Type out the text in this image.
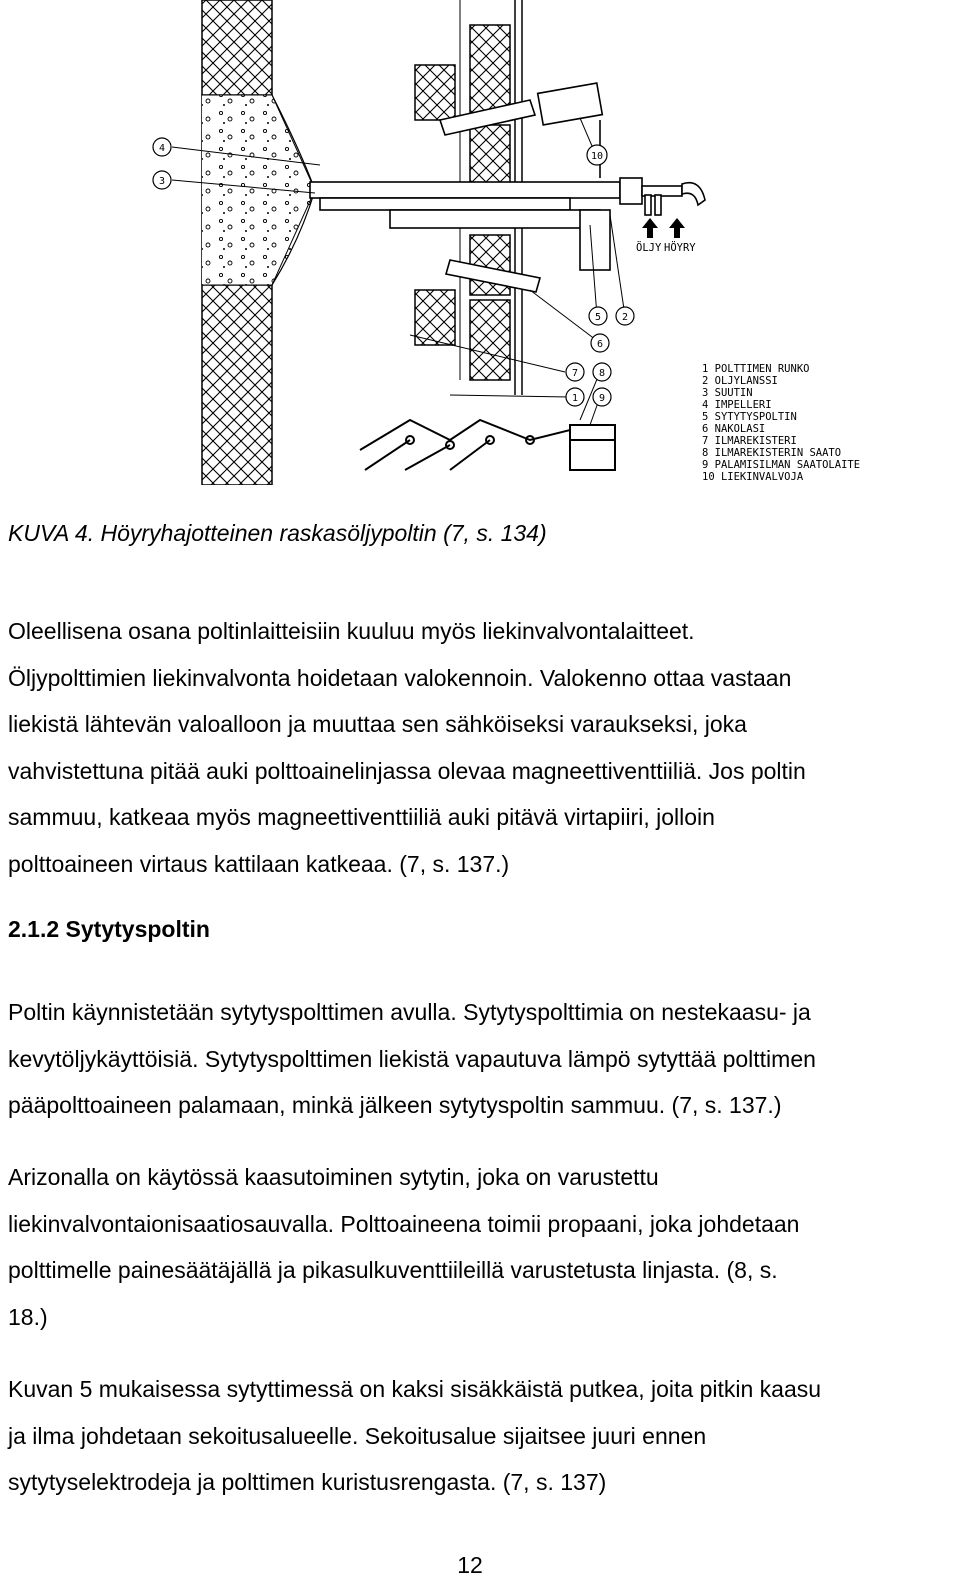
4
3
10
5 2
6
7 8
1 9
ÖLJY HÖYRY
1 POLTTIMEN RUNKO
2 OLJYLANSSI
3 SUUTIN
4 IMPELLERI
5 SYTYTYSPOLTIN
6 NAKOLASI
7 ILMAREKISTERI
8 ILMAREKISTERIN SAATO
9 PALAMISILMAN SAATOLAITE
10 LIEKINVALVOJA
KUVA 4. Höyryhajotteinen raskasöljypoltin (7, s. 134)
Oleellisena osana poltinlaitteisiin kuuluu myös liekinvalvontalaitteet.
Öljypolttimien liekinvalvonta hoidetaan valokennoin. Valokenno ottaa vastaan
liekistä lähtevän valoalloon ja muuttaa sen sähköiseksi varaukseksi, joka
vahvistettuna pitää auki polttoainelinjassa olevaa magneettiventtiiliä. Jos poltin
sammuu, katkeaa myös magneettiventtiiliä auki pitävä virtapiiri, jolloin
polttoaineen virtaus kattilaan katkeaa. (7, s. 137.)
2.1.2 Sytytyspoltin
Poltin käynnistetään sytytyspolttimen avulla. Sytytyspolttimia on nestekaasu- ja
kevytöljykäyttöisiä. Sytytyspolttimen liekistä vapautuva lämpö sytyttää polttimen
pääpolttoaineen palamaan, minkä jälkeen sytytyspoltin sammuu. (7, s. 137.)
Arizonalla on käytössä kaasutoiminen sytytin, joka on varustettu
liekinvalvontaionisaatiosauvalla. Polttoaineena toimii propaani, joka johdetaan
polttimelle painesäätäjällä ja pikasulkuventtiileillä varustetusta linjasta. (8, s.
18.)
Kuvan 5 mukaisessa sytyttimessä on kaksi sisäkkäistä putkea, joita pitkin kaasu
ja ilma johdetaan sekoitusalueelle. Sekoitusalue sijaitsee juuri ennen
sytytyselektrodeja ja polttimen kuristusrengasta. (7, s. 137)
12
